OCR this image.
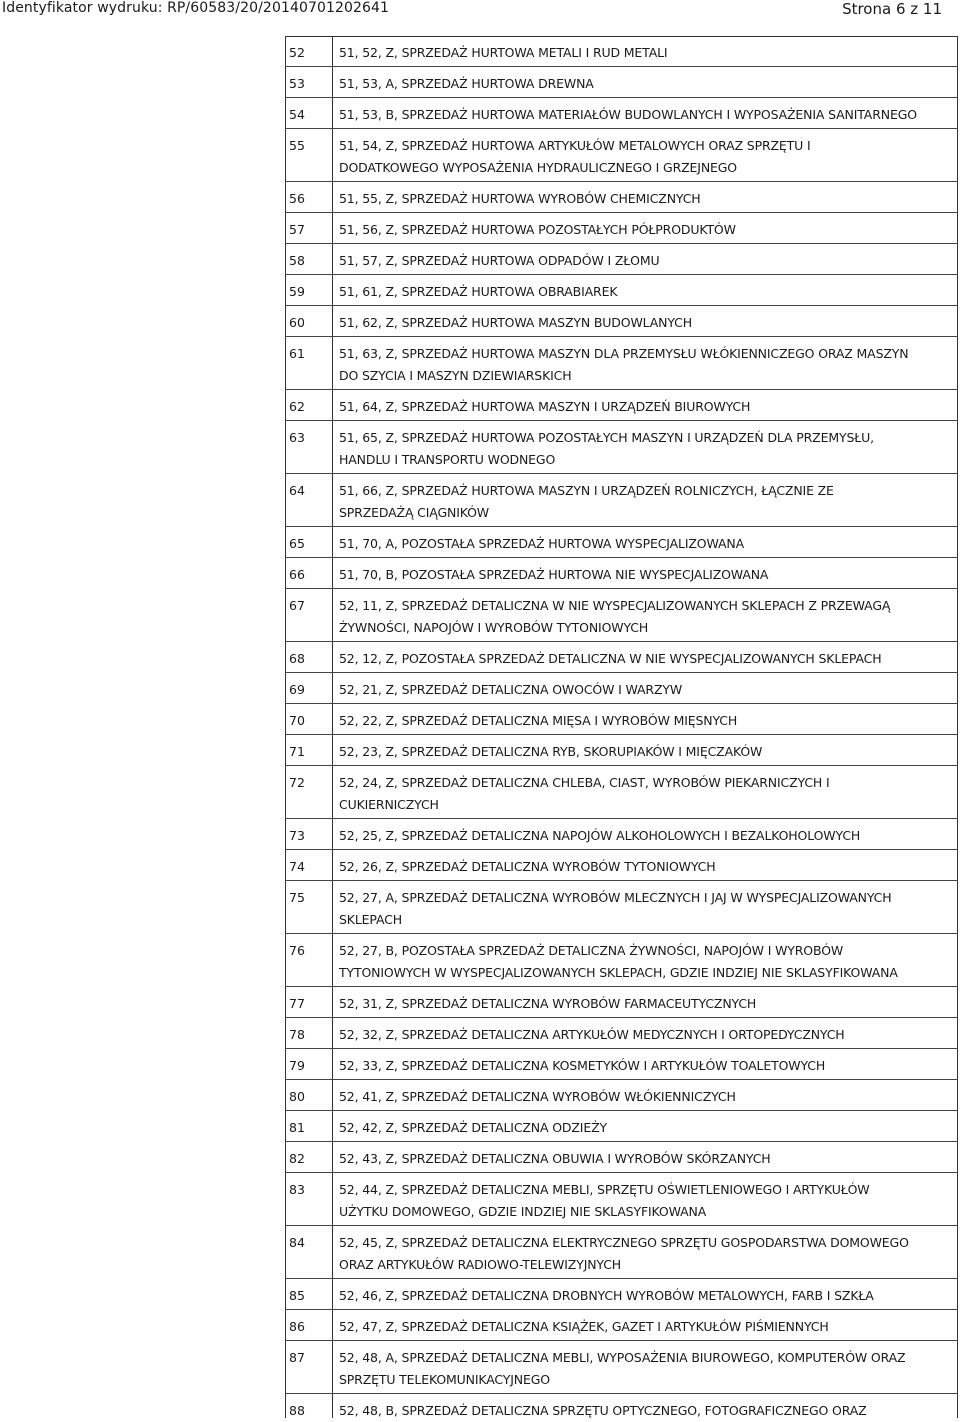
Identyfikator wydruku: RP/60583/20/20140701202641	Strona 6 z 11
52	51, 52, Z, SPRZEDAŻ HURTOWA METALI I RUD METALI
53	51, 53, A, SPRZEDAŻ HURTOWA DREWNA
54	51, 53, B, SPRZEDAŻ HURTOWA MATERIAŁÓW BUDOWLANYCH I WYPOSAŻENIA SANITARNEGO
55	51, 54, Z, SPRZEDAŻ HURTOWA ARTYKUŁÓW METALOWYCH ORAZ SPRZĘTU I
DODATKOWEGO WYPOSAŻENIA HYDRAULICZNEGO I GRZEJNEGO
56	51, 55, Z, SPRZEDAŻ HURTOWA WYROBÓW CHEMICZNYCH
57	51, 56, Z, SPRZEDAŻ HURTOWA POZOSTAŁYCH PÓŁPRODUKTÓW
58	51, 57, Z, SPRZEDAŻ HURTOWA ODPADÓW I ZŁOMU
59	51, 61, Z, SPRZEDAŻ HURTOWA OBRABIAREK
60	51, 62, Z, SPRZEDAŻ HURTOWA MASZYN BUDOWLANYCH
61	51, 63, Z, SPRZEDAŻ HURTOWA MASZYN DLA PRZEMYSŁU WŁÓKIENNICZEGO ORAZ MASZYN
DO SZYCIA I MASZYN DZIEWIARSKICH
62	51, 64, Z, SPRZEDAŻ HURTOWA MASZYN I URZĄDZEŃ BIUROWYCH
63	51, 65, Z, SPRZEDAŻ HURTOWA POZOSTAŁYCH MASZYN I URZĄDZEŃ DLA PRZEMYSŁU,
HANDLU I TRANSPORTU WODNEGO
64	51, 66, Z, SPRZEDAŻ HURTOWA MASZYN I URZĄDZEŃ ROLNICZYCH, ŁĄCZNIE ZE
SPRZEDAŻĄ CIĄGNIKÓW
65	51, 70, A, POZOSTAŁA SPRZEDAŻ HURTOWA WYSPECJALIZOWANA
66	51, 70, B, POZOSTAŁA SPRZEDAŻ HURTOWA NIE WYSPECJALIZOWANA
67	52, 11, Z, SPRZEDAŻ DETALICZNA W NIE WYSPECJALIZOWANYCH SKLEPACH Z PRZEWAGĄ
ŻYWNOŚCI, NAPOJÓW I WYROBÓW TYTONIOWYCH
68	52, 12, Z, POZOSTAŁA SPRZEDAŻ DETALICZNA W NIE WYSPECJALIZOWANYCH SKLEPACH
69	52, 21, Z, SPRZEDAŻ DETALICZNA OWOCÓW I WARZYW
70	52, 22, Z, SPRZEDAŻ DETALICZNA MIĘSA I WYROBÓW MIĘSNYCH
71	52, 23, Z, SPRZEDAŻ DETALICZNA RYB, SKORUPIAKÓW I MIĘCZAKÓW
72	52, 24, Z, SPRZEDAŻ DETALICZNA CHLEBA, CIAST, WYROBÓW PIEKARNICZYCH I
CUKIERNICZYCH
73	52, 25, Z, SPRZEDAŻ DETALICZNA NAPOJÓW ALKOHOLOWYCH I BEZALKOHOLOWYCH
74	52, 26, Z, SPRZEDAŻ DETALICZNA WYROBÓW TYTONIOWYCH
75	52, 27, A, SPRZEDAŻ DETALICZNA WYROBÓW MLECZNYCH I JAJ W WYSPECJALIZOWANYCH
SKLEPACH
76	52, 27, B, POZOSTAŁA SPRZEDAŻ DETALICZNA ŻYWNOŚCI, NAPOJÓW I WYROBÓW
TYTONIOWYCH W WYSPECJALIZOWANYCH SKLEPACH, GDZIE INDZIEJ NIE SKLASYFIKOWANA
77	52, 31, Z, SPRZEDAŻ DETALICZNA WYROBÓW FARMACEUTYCZNYCH
78	52, 32, Z, SPRZEDAŻ DETALICZNA ARTYKUŁÓW MEDYCZNYCH I ORTOPEDYCZNYCH
79	52, 33, Z, SPRZEDAŻ DETALICZNA KOSMETYKÓW I ARTYKUŁÓW TOALETOWYCH
80	52, 41, Z, SPRZEDAŻ DETALICZNA WYROBÓW WŁÓKIENNICZYCH
81	52, 42, Z, SPRZEDAŻ DETALICZNA ODZIEŻY
82	52, 43, Z, SPRZEDAŻ DETALICZNA OBUWIA I WYROBÓW SKÓRZANYCH
83	52, 44, Z, SPRZEDAŻ DETALICZNA MEBLI, SPRZĘTU OŚWIETLENIOWEGO I ARTYKUŁÓW
UŻYTKU DOMOWEGO, GDZIE INDZIEJ NIE SKLASYFIKOWANA
84	52, 45, Z, SPRZEDAŻ DETALICZNA ELEKTRYCZNEGO SPRZĘTU GOSPODARSTWA DOMOWEGO
ORAZ ARTYKUŁÓW RADIOWO-TELEWIZYJNYCH
85	52, 46, Z, SPRZEDAŻ DETALICZNA DROBNYCH WYROBÓW METALOWYCH, FARB I SZKŁA
86	52, 47, Z, SPRZEDAŻ DETALICZNA KSIĄŻEK, GAZET I ARTYKUŁÓW PIŚMIENNYCH
87	52, 48, A, SPRZEDAŻ DETALICZNA MEBLI, WYPOSAŻENIA BIUROWEGO, KOMPUTERÓW ORAZ
SPRZĘTU TELEKOMUNIKACYJNEGO
88	52, 48, B, SPRZEDAŻ DETALICZNA SPRZĘTU OPTYCZNEGO, FOTOGRAFICZNEGO ORAZ
